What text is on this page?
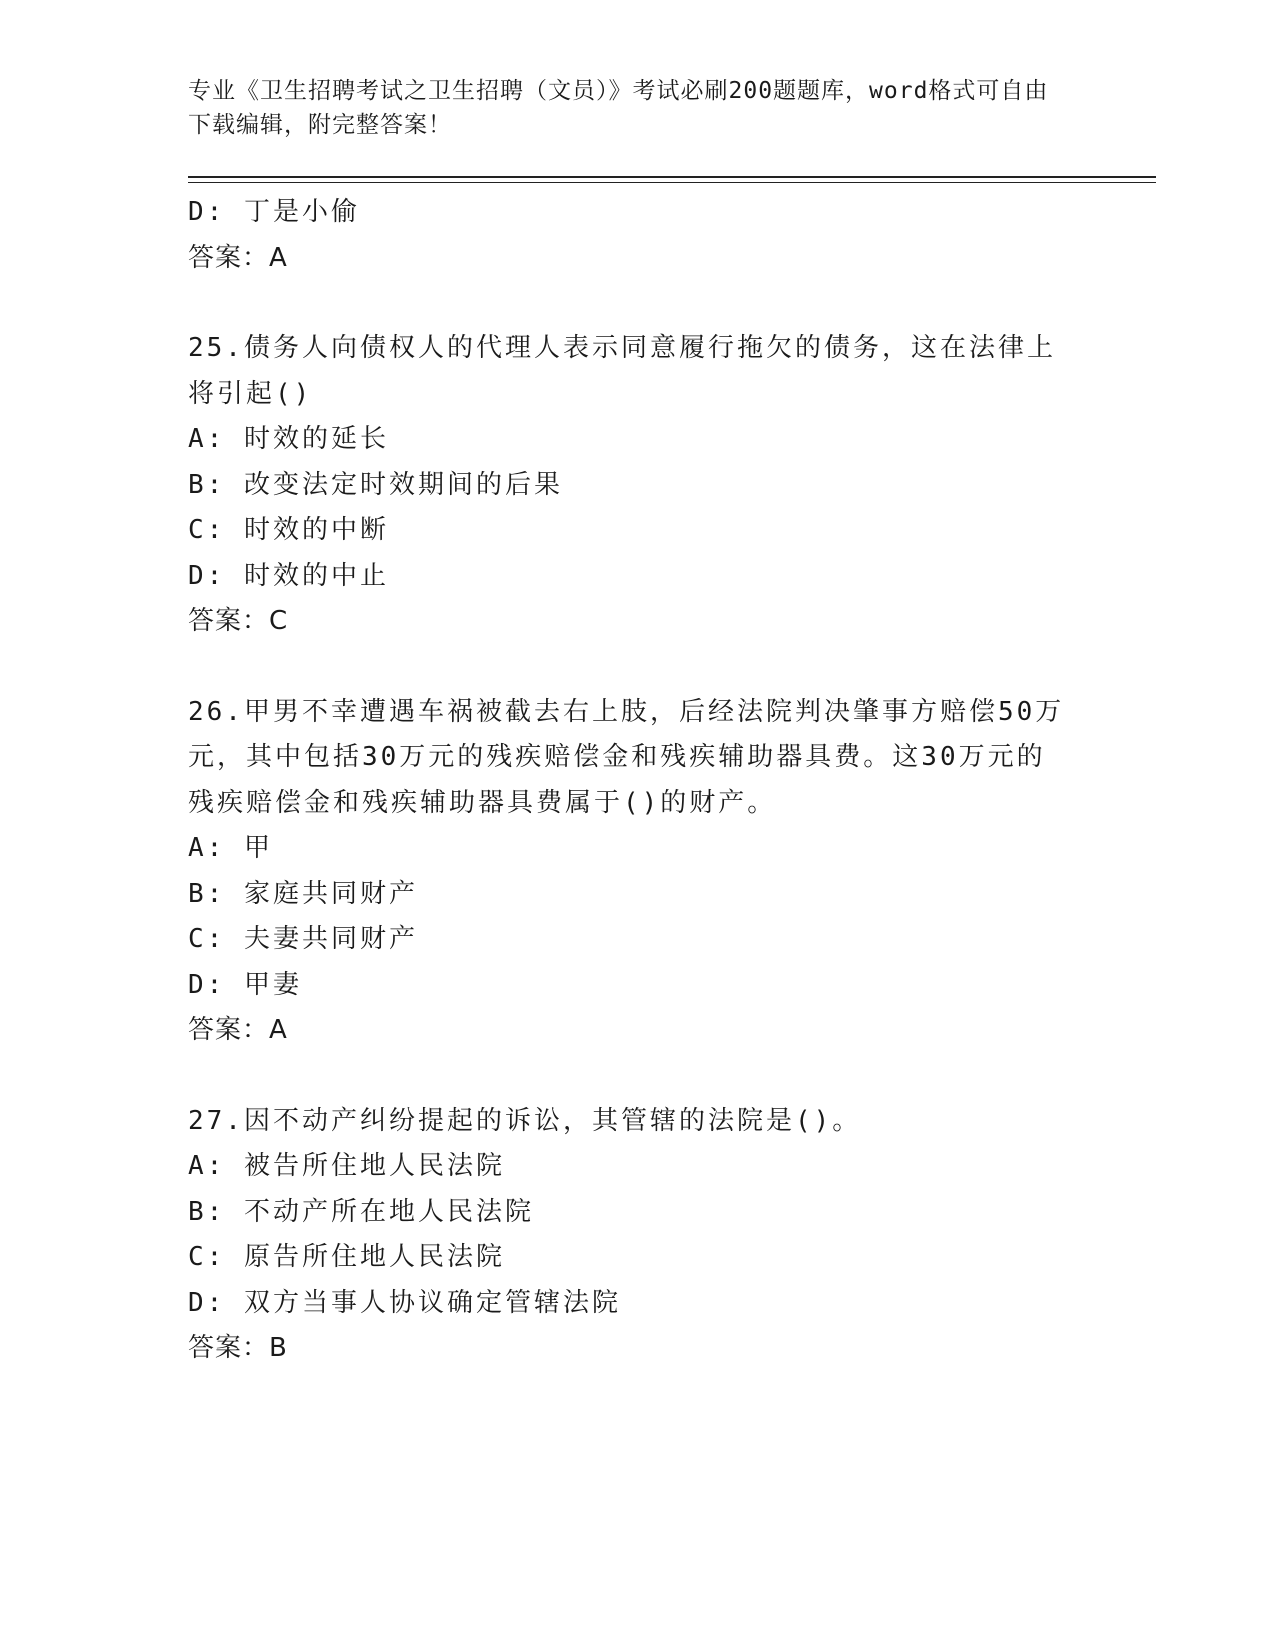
专业《卫生招聘考试之卫生招聘（文员）》考试必刷200题题库，word格式可自由下载编辑，附完整答案！
D: 丁是小偷
答案：A
25.债务人向债权人的代理人表示同意履行拖欠的债务，这在法律上将引起()
A: 时效的延长
B: 改变法定时效期间的后果
C: 时效的中断
D: 时效的中止
答案：C
26.甲男不幸遭遇车祸被截去右上肢，后经法院判决肇事方赔偿50万元，其中包括30万元的残疾赔偿金和残疾辅助器具费。这30万元的残疾赔偿金和残疾辅助器具费属于()的财产。
A: 甲
B: 家庭共同财产
C: 夫妻共同财产
D: 甲妻
答案：A
27.因不动产纠纷提起的诉讼，其管辖的法院是()。
A: 被告所住地人民法院
B: 不动产所在地人民法院
C: 原告所住地人民法院
D: 双方当事人协议确定管辖法院
答案：B
